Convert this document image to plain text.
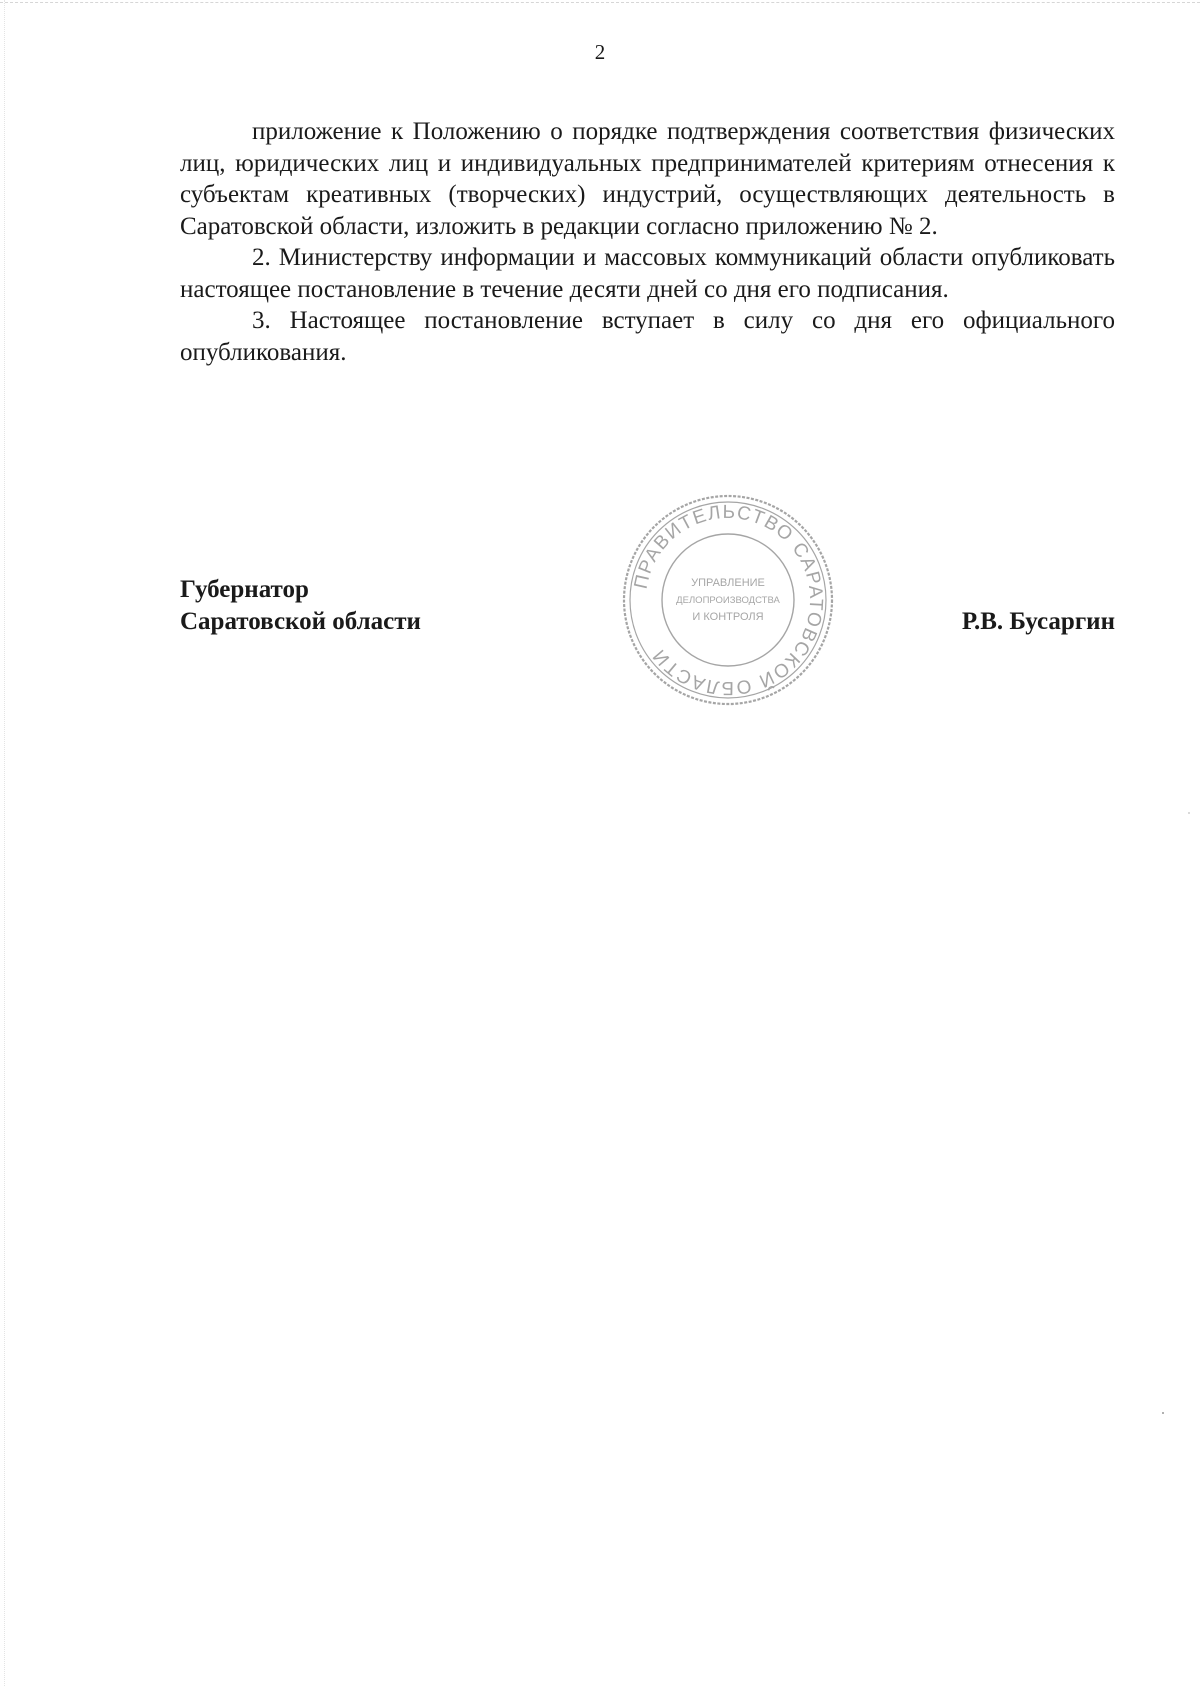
2

приложение к Положению о порядке подтверждения соответствия физических лиц, юридических лиц и индивидуальных предпринимателей критериям отнесения к субъектам креативных (творческих) индустрий, осуществляющих деятельность в Саратовской области, изложить в редакции согласно приложению № 2.

2. Министерству информации и массовых коммуникаций области опубликовать настоящее постановление в течение десяти дней со дня его подписания.

3. Настоящее постановление вступает в силу со дня его официального опубликования.

ПРАВИТЕЛЬСТВО САРАТОВСКОЙ ОБЛАСТИ
УПРАВЛЕНИЕ
ДЕЛОПРОИЗВОДСТВА
И КОНТРОЛЯ
Губернатор
Саратовской области	Р.В. Бусаргин
